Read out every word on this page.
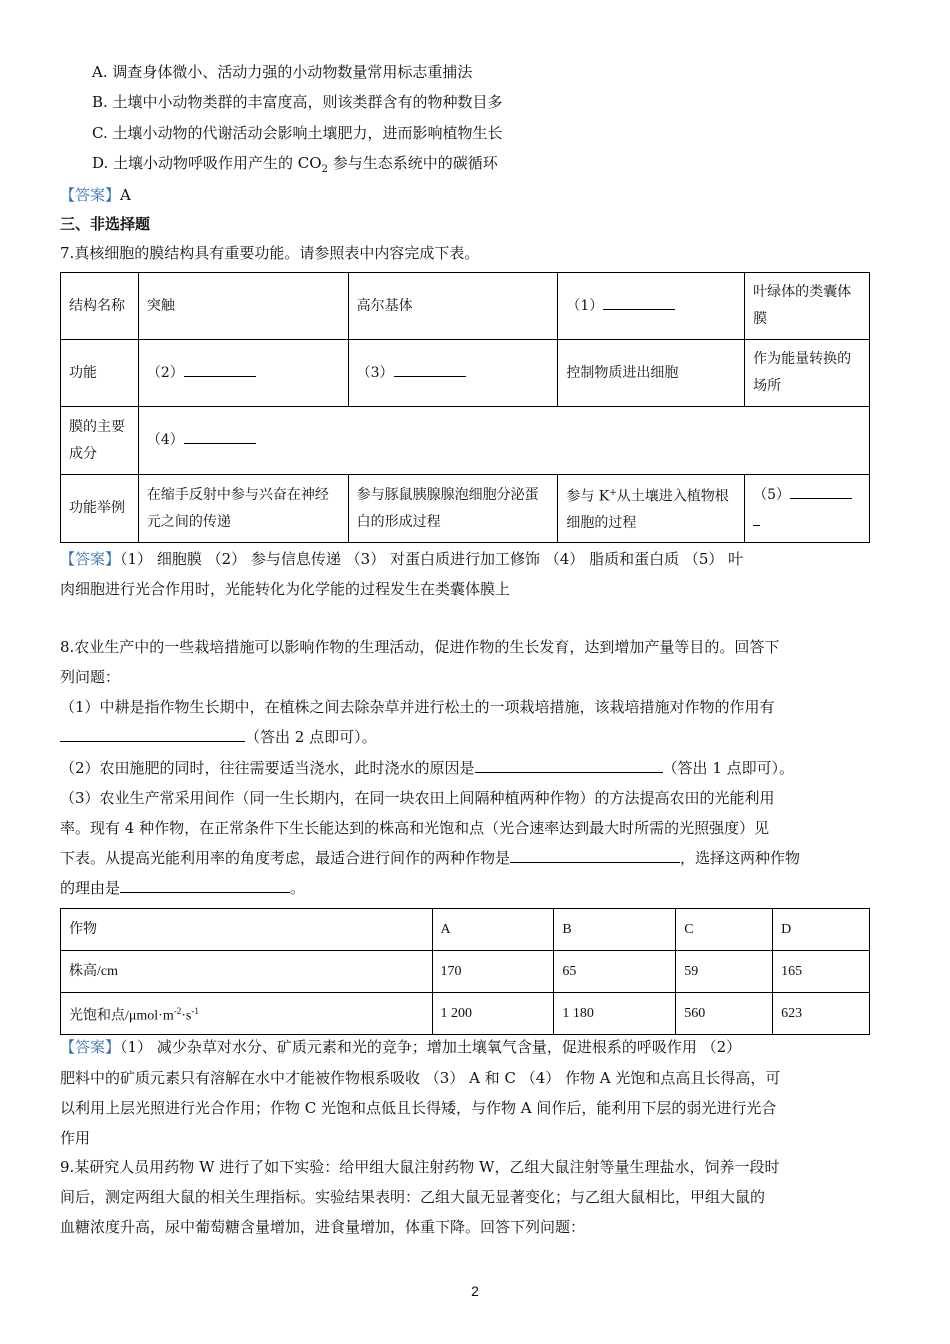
A. 调查身体微小、活动力强的小动物数量常用标志重捕法
B. 土壤中小动物类群的丰富度高，则该类群含有的物种数目多
C. 土壤小动物的代谢活动会影响土壤肥力，进而影响植物生长
D. 土壤小动物呼吸作用产生的 $CO_2$ 参与生态系统中的碳循环
【答案】A
三、非选择题
7.真核细胞的膜结构具有重要功能。请参照表中内容完成下表。
结构名称	突触	高尔基体	（1）	叶绿体的类囊体膜
功能	（2）	（3）	控制物质进出细胞	作为能量转换的场所
膜的主要成分	（4）			
功能举例	在缩手反射中参与兴奋在神经元之间的传递	参与豚鼠胰腺腺泡细胞分泌蛋白的形成过程	参与 K+从土壤进入植物根细胞的过程	（5）

【答案】（1） 细胞膜 （2） 参与信息传递 （3） 对蛋白质进行加工修饰 （4） 脂质和蛋白质 （5） 叶
肉细胞进行光合作用时，光能转化为化学能的过程发生在类囊体膜上
8.农业生产中的一些栽培措施可以影响作物的生理活动，促进作物的生长发育，达到增加产量等目的。回答下
列问题：
（1）中耕是指作物生长期中，在植株之间去除杂草并进行松土的一项栽培措施，该栽培措施对作物的作用有
（答出 2 点即可）。
（2）农田施肥的同时，往往需要适当浇水，此时浇水的原因是	（答出 1 点即可）。
（3）农业生产常采用间作（同一生长期内，在同一块农田上间隔种植两种作物）的方法提高农田的光能利用
率。现有 4 种作物，在正常条件下生长能达到的株高和光饱和点（光合速率达到最大时所需的光照强度）见
下表。从提高光能利用率的角度考虑，最适合进行间作的两种作物是	，选择这两种作物
的理由是	。
作物	A	B	C	D
株高/cm	170	65	59	165
光饱和点$/\mu mol\cdot m^{-2}\cdot s^{-1}$	1 200	1 180	560	623
【答案】（1） 减少杂草对水分、矿质元素和光的竞争；增加土壤氧气含量，促进根系的呼吸作用 （2）
肥料中的矿质元素只有溶解在水中才能被作物根系吸收 （3） A 和 C （4） 作物 A 光饱和点高且长得高，可
以利用上层光照进行光合作用；作物 C 光饱和点低且长得矮，与作物 A 间作后，能利用下层的弱光进行光合
作用
9.某研究人员用药物 W 进行了如下实验：给甲组大鼠注射药物 W，乙组大鼠注射等量生理盐水，饲养一段时
间后，测定两组大鼠的相关生理指标。实验结果表明：乙组大鼠无显著变化；与乙组大鼠相比，甲组大鼠的
血糖浓度升高，尿中葡萄糖含量增加，进食量增加，体重下降。回答下列问题：
2
